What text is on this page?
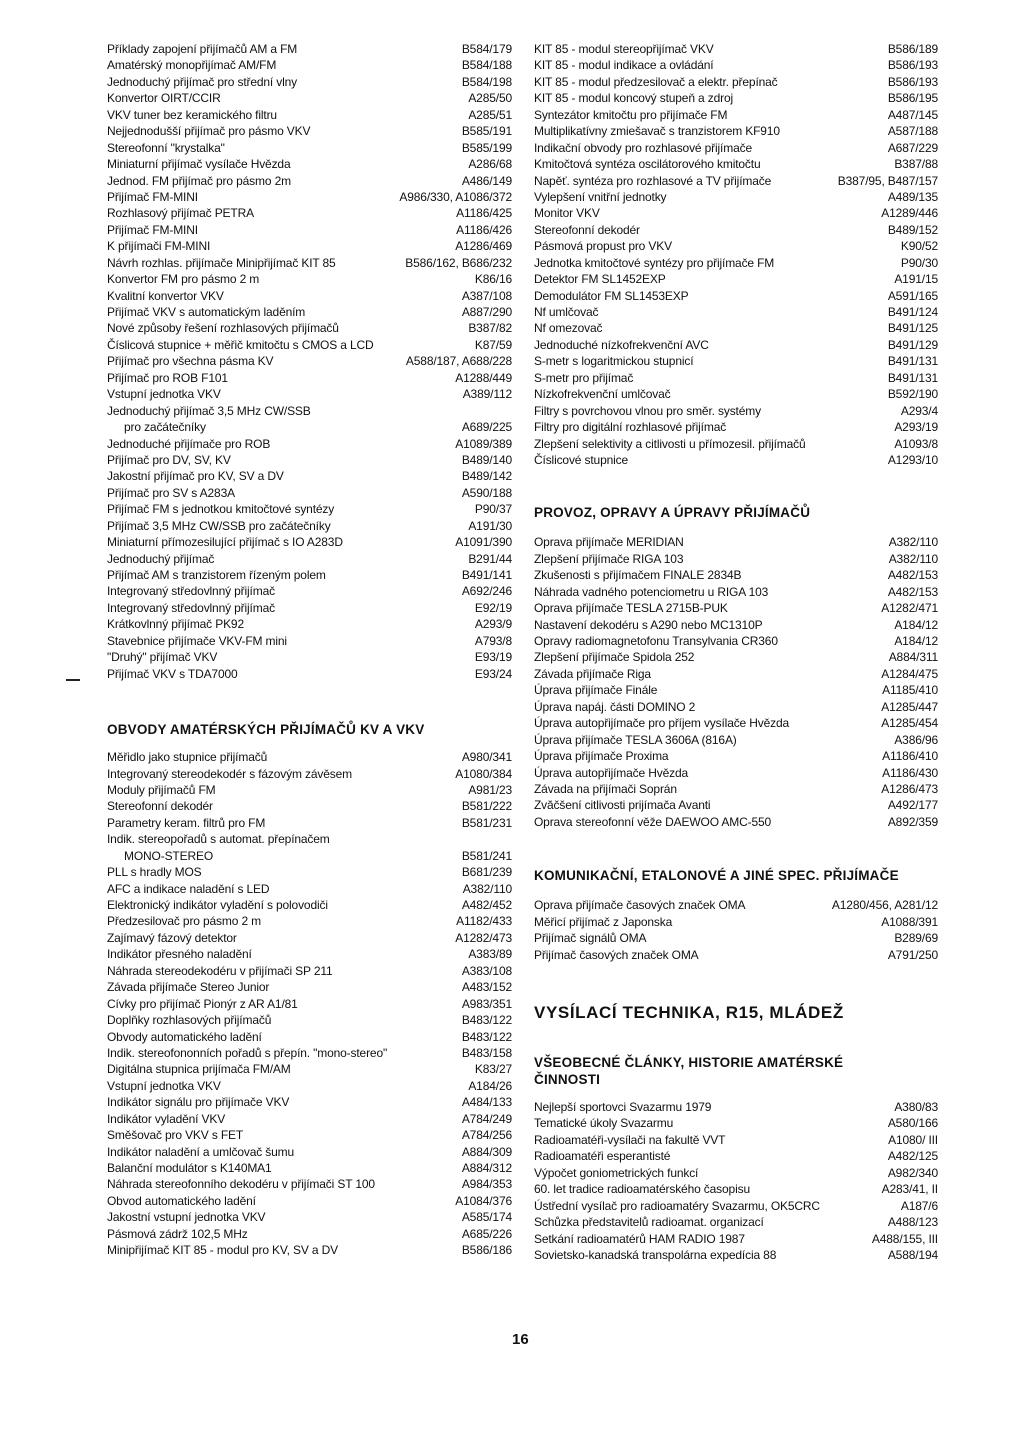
Příklady zapojení přijímačů AM a FM	B584/179
Amatérský monopřijímač AM/FM	B584/188
Jednoduchý přijímač pro střední vlny	B584/198
Konvertor OIRT/CCIR	A285/50
VKV tuner bez keramického filtru	A285/51
Nejjednodušší přijímač pro pásmo VKV	B585/191
Stereofonní "krystalka"	B585/199
Miniaturní přijímač vysílače Hvězda	A286/68
Jednod. FM přijímač pro pásmo 2m	A486/149
Přijímač FM-MINI	A986/330, A1086/372
Rozhlasový přijímač PETRA	A1186/425
Přijímač FM-MINI	A1186/426
K přijímači FM-MINI	A1286/469
Návrh rozhlas. přijímače Minipřijímač KIT 85	B586/162, B686/232
Konvertor FM pro pásmo 2 m	K86/16
Kvalitní konvertor VKV	A387/108
Přijímač VKV s automatickým laděním	A887/290
Nové způsoby řešení rozhlasových přijímačů	B387/82
Číslicová stupnice + měřič kmitočtu s CMOS a LCD	K87/59
Přijímač pro všechna pásma KV	A588/187, A688/228
Přijímač pro ROB F101	A1288/449
Vstupní jednotka VKV	A389/112
Jednoduchý přijímač 3,5 MHz CW/SSB
pro začátečníky	A689/225
Jednoduché přijímače pro ROB	A1089/389
Přijímač pro DV, SV, KV	B489/140
Jakostní přijímač pro KV, SV a DV	B489/142
Přijímač pro SV s A283A	A590/188
Přijímač FM s jednotkou kmitočtové syntézy	P90/37
Přijímač 3,5 MHz CW/SSB pro začátečníky	A191/30
Miniaturní přímozesilující přijímač s IO A283D	A1091/390
Jednoduchý přijímač	B291/44
Přijímač AM s tranzistorem řízeným polem	B491/141
Integrovaný středovlnný přijímač	A692/246
Integrovaný středovlnný přijímač	E92/19
Krátkovlnný přijímač PK92	A293/9
Stavebnice přijímače VKV-FM mini	A793/8
"Druhý" přijímač VKV	E93/19
Přijímač VKV s TDA7000	E93/24
OBVODY AMATÉRSKÝCH PŘIJÍMAČŮ KV A VKV
Měřidlo jako stupnice přijímačů	A980/341
Integrovaný stereodekodér s fázovým závěsem	A1080/384
Moduly přijímačů FM	A981/23
Stereofonní dekodér	B581/222
Parametry keram. filtrů pro FM	B581/231
Indik. stereopořadů s automat. přepínačem
MONO-STEREO	B581/241
PLL s hradly MOS	B681/239
AFC a indikace naladění s LED	A382/110
Elektronický indikátor vyladění s polovodiči	A482/452
Předzesilovač pro pásmo 2 m	A1182/433
Zajímavý fázový detektor	A1282/473
Indikátor přesného naladění	A383/89
Náhrada stereodekodéru v přijímači SP 211	A383/108
Závada přijímače Stereo Junior	A483/152
Cívky pro přijímač Pionýr z AR A1/81	A983/351
Doplňky rozhlasových přijímačů	B483/122
Obvody automatického ladění	B483/122
Indik. stereofononních pořadů s přepín. "mono-stereo"	B483/158
Digitálna stupnica prijímača FM/AM	K83/27
Vstupní jednotka VKV	A184/26
Indikátor signálu pro přijímače VKV	A484/133
Indikátor vyladění VKV	A784/249
Směšovač pro VKV s FET	A784/256
Indikátor naladění a umlčovač šumu	A884/309
Balanční modulátor s K140MA1	A884/312
Náhrada stereofonního dekodéru v přijímači ST 100	A984/353
Obvod automatického ladění	A1084/376
Jakostní vstupní jednotka VKV	A585/174
Pásmová zádrž 102,5 MHz	A685/226
Minipřijímač KIT 85 - modul pro KV, SV a DV	B586/186
KIT 85 - modul stereopřijímač VKV	B586/189
KIT 85 - modul indikace a ovládání	B586/193
KIT 85 - modul předzesilovač a elektr. přepínač	B586/193
KIT 85 - modul koncový stupeň a zdroj	B586/195
Syntezátor kmitočtu pro přijímače FM	A487/145
Multiplikatívny zmiešavač s tranzistorem KF910	A587/188
Indikační obvody pro rozhlasové přijímače	A687/229
Kmitočtová syntéza oscilátorového kmitočtu	B387/88
Napěť. syntéza pro rozhlasové a TV přijímače	B387/95, B487/157
Vylepšení vnitřní jednotky	A489/135
Monitor VKV	A1289/446
Stereofonní dekodér	B489/152
Pásmová propust pro VKV	K90/52
Jednotka kmitočtové syntézy pro přijímače FM	P90/30
Detektor FM SL1452EXP	A191/15
Demodulátor FM SL1453EXP	A591/165
Nf umlčovač	B491/124
Nf omezovač	B491/125
Jednoduché nízkofrekvenční AVC	B491/129
S-metr s logaritmickou stupnicí	B491/131
S-metr pro přijímač	B491/131
Nízkofrekvenční umlčovač	B592/190
Filtry s povrchovou vlnou pro směr. systémy	A293/4
Filtry pro digitální rozhlasové přijímač	A293/19
Zlepšení selektivity a citlivosti u přímozesil. přijímačů	A1093/8
Číslicové stupnice	A1293/10
PROVOZ, OPRAVY A ÚPRAVY PŘIJÍMAČŮ
Oprava přijímače MERIDIAN	A382/110
Zlepšení přijímače RIGA 103	A382/110
Zkušenosti s přijímačem FINALE 2834B	A482/153
Náhrada vadného potenciometru u RIGA 103	A482/153
Oprava přijímače TESLA 2715B-PUK	A1282/471
Nastavení dekodéru s A290 nebo MC1310P	A184/12
Opravy radiomagnetofonu Transylvania CR360	A184/12
Zlepšení přijímače Spidola 252	A884/311
Závada přijímače Riga	A1284/475
Úprava přijímače Finále	A1185/410
Úprava napáj. části DOMINO 2	A1285/447
Úprava autopřijímače pro příjem vysílače Hvězda	A1285/454
Úprava přijímače TESLA 3606A (816A)	A386/96
Úprava přijímače Proxima	A1186/410
Úprava autopřijímače Hvězda	A1186/430
Závada na přijímači Soprán	A1286/473
Zvăčšení citlivosti prijímača Avanti	A492/177
Oprava stereofonní věže DAEWOO AMC-550	A892/359
KOMUNIKAČNÍ, ETALONOVÉ A JINÉ SPEC. PŘIJÍMAČE
Oprava přijímače časových značek OMA	A1280/456, A281/12
Měřicí přijímač z Japonska	A1088/391
Přijímač signálů OMA	B289/69
Přijímač časových značek OMA	A791/250
VYSÍLACÍ TECHNIKA, R15, MLÁDEŽ
VŠEOBECNÉ ČLÁNKY, HISTORIE AMATÉRSKÉ
ČINNOSTI
Nejlepší sportovci Svazarmu 1979	A380/83
Tematické úkoly Svazarmu	A580/166
Radioamatéři-vysílači na fakultě VVT	A1080/ III
Radioamatéři esperantisté	A482/125
Výpočet goniometrických funkcí	A982/340
60. let tradice radioamatérského časopisu	A283/41, II
Ústřední vysílač pro radioamatéry Svazarmu, OK5CRC	A187/6
Schůzka představitelů radioamat. organizací	A488/123
Setkání radioamatérů HAM RADIO 1987	A488/155, III
Sovietsko-kanadská transpolárna expedícia 88	A588/194
16
